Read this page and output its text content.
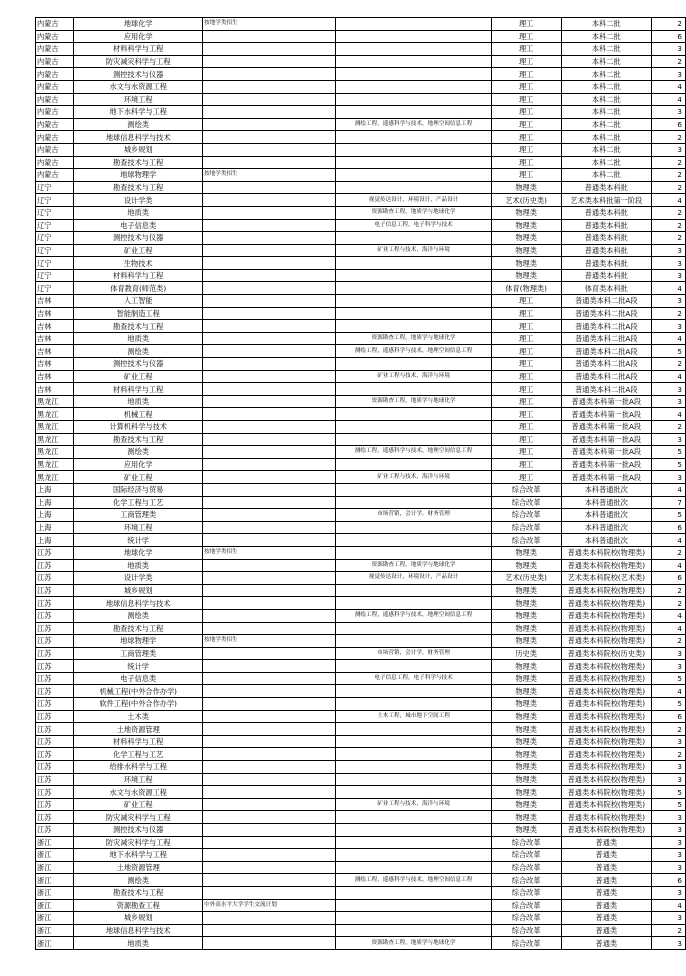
内蒙古	地球化学	按地学类招生		理工	本科二批	2
内蒙古	应用化学			理工	本科二批	6
内蒙古	材料科学与工程			理工	本科二批	3
内蒙古	防灾减灾科学与工程			理工	本科二批	2
内蒙古	测控技术与仪器			理工	本科二批	3
内蒙古	水文与水资源工程			理工	本科二批	4
内蒙古	环境工程			理工	本科二批	4
内蒙古	地下水科学与工程			理工	本科二批	3
内蒙古	测绘类		测绘工程，遥感科学与技术，地理空间信息工程	理工	本科二批	6
内蒙古	地球信息科学与技术			理工	本科二批	2
内蒙古	城乡规划			理工	本科二批	3
内蒙古	勘查技术与工程			理工	本科二批	2
内蒙古	地球物理学	按地学类招生		理工	本科二批	2
辽宁	勘查技术与工程			物理类	普通类本科批	2
辽宁	设计学类		视觉传达设计，环境设计，产品设计	艺术(历史类)	艺术类本科批第一阶段	4
辽宁	地质类		资源勘查工程，地质学与地球化学	物理类	普通类本科批	2
辽宁	电子信息类		电子信息工程，电子科学与技术	物理类	普通类本科批	2
辽宁	测控技术与仪器			物理类	普通类本科批	2
辽宁	矿业工程		矿业工程与技术，海洋与环境	物理类	普通类本科批	3
辽宁	生物技术			物理类	普通类本科批	3
辽宁	材料科学与工程			物理类	普通类本科批	3
辽宁	体育教育(师范类)			体育(物理类)	体育类本科批	4
吉林	人工智能			理工	普通类本科二批A段	3
吉林	智能制造工程			理工	普通类本科二批A段	2
吉林	勘查技术与工程			理工	普通类本科二批A段	3
吉林	地质类		资源勘查工程，地质学与地球化学	理工	普通类本科二批A段	4
吉林	测绘类		测绘工程，遥感科学与技术，地理空间信息工程	理工	普通类本科二批A段	5
吉林	测控技术与仪器			理工	普通类本科二批A段	2
吉林	矿业工程		矿业工程与技术，海洋与环境	理工	普通类本科二批A段	4
吉林	材料科学与工程			理工	普通类本科二批A段	3
黑龙江	地质类		资源勘查工程，地质学与地球化学	理工	普通类本科第一批A段	3
黑龙江	机械工程			理工	普通类本科第一批A段	4
黑龙江	计算机科学与技术			理工	普通类本科第一批A段	2
黑龙江	勘查技术与工程			理工	普通类本科第一批A段	3
黑龙江	测绘类		测绘工程，遥感科学与技术，地理空间信息工程	理工	普通类本科第一批A段	5
黑龙江	应用化学			理工	普通类本科第一批A段	5
黑龙江	矿业工程		矿业工程与技术，海洋与环境	理工	普通类本科第一批A段	3
上海	国际经济与贸易			综合改革	本科普通批次	4
上海	化学工程与工艺			综合改革	本科普通批次	7
上海	工商管理类		市场营销，会计学，财务管理	综合改革	本科普通批次	5
上海	环境工程			综合改革	本科普通批次	6
上海	统计学			综合改革	本科普通批次	4
江苏	地球化学	按地学类招生		物理类	普通类本科院校(物理类)	2
江苏	地质类		资源勘查工程，地质学与地球化学	物理类	普通类本科院校(物理类)	4
江苏	设计学类		视觉传达设计，环境设计，产品设计	艺术(历史类)	艺术类本科院校(艺术类)	6
江苏	城乡规划			物理类	普通类本科院校(物理类)	2
江苏	地球信息科学与技术			物理类	普通类本科院校(物理类)	2
江苏	测绘类		测绘工程，遥感科学与技术，地理空间信息工程	物理类	普通类本科院校(物理类)	4
江苏	勘查技术与工程			物理类	普通类本科院校(物理类)	4
江苏	地球物理学	按地学类招生		物理类	普通类本科院校(物理类)	2
江苏	工商管理类		市场营销，会计学，财务管理	历史类	普通类本科院校(历史类)	3
江苏	统计学			物理类	普通类本科院校(物理类)	3
江苏	电子信息类		电子信息工程，电子科学与技术	物理类	普通类本科院校(物理类)	5
江苏	机械工程(中外合作办学)			物理类	普通类本科院校(物理类)	4
江苏	软件工程(中外合作办学)			物理类	普通类本科院校(物理类)	5
江苏	土木类		土木工程，城市地下空间工程	物理类	普通类本科院校(物理类)	6
江苏	土地资源管理			物理类	普通类本科院校(物理类)	2
江苏	材料科学与工程			物理类	普通类本科院校(物理类)	3
江苏	化学工程与工艺			物理类	普通类本科院校(物理类)	2
江苏	给排水科学与工程			物理类	普通类本科院校(物理类)	3
江苏	环境工程			物理类	普通类本科院校(物理类)	3
江苏	水文与水资源工程			物理类	普通类本科院校(物理类)	5
江苏	矿业工程		矿业工程与技术，海洋与环境	物理类	普通类本科院校(物理类)	5
江苏	防灾减灾科学与工程			物理类	普通类本科院校(物理类)	3
江苏	测控技术与仪器			物理类	普通类本科院校(物理类)	3
浙江	防灾减灾科学与工程			综合改革	普通类	3
浙江	地下水科学与工程			综合改革	普通类	3
浙江	土地资源管理			综合改革	普通类	3
浙江	测绘类		测绘工程，遥感科学与技术，地理空间信息工程	综合改革	普通类	6
浙江	勘查技术与工程			综合改革	普通类	3
浙江	资源勘查工程	中外高水平大学学生交流计划		综合改革	普通类	4
浙江	城乡规划			综合改革	普通类	3
浙江	地球信息科学与技术			综合改革	普通类	2
浙江	地质类		资源勘查工程，地质学与地球化学	综合改革	普通类	3
